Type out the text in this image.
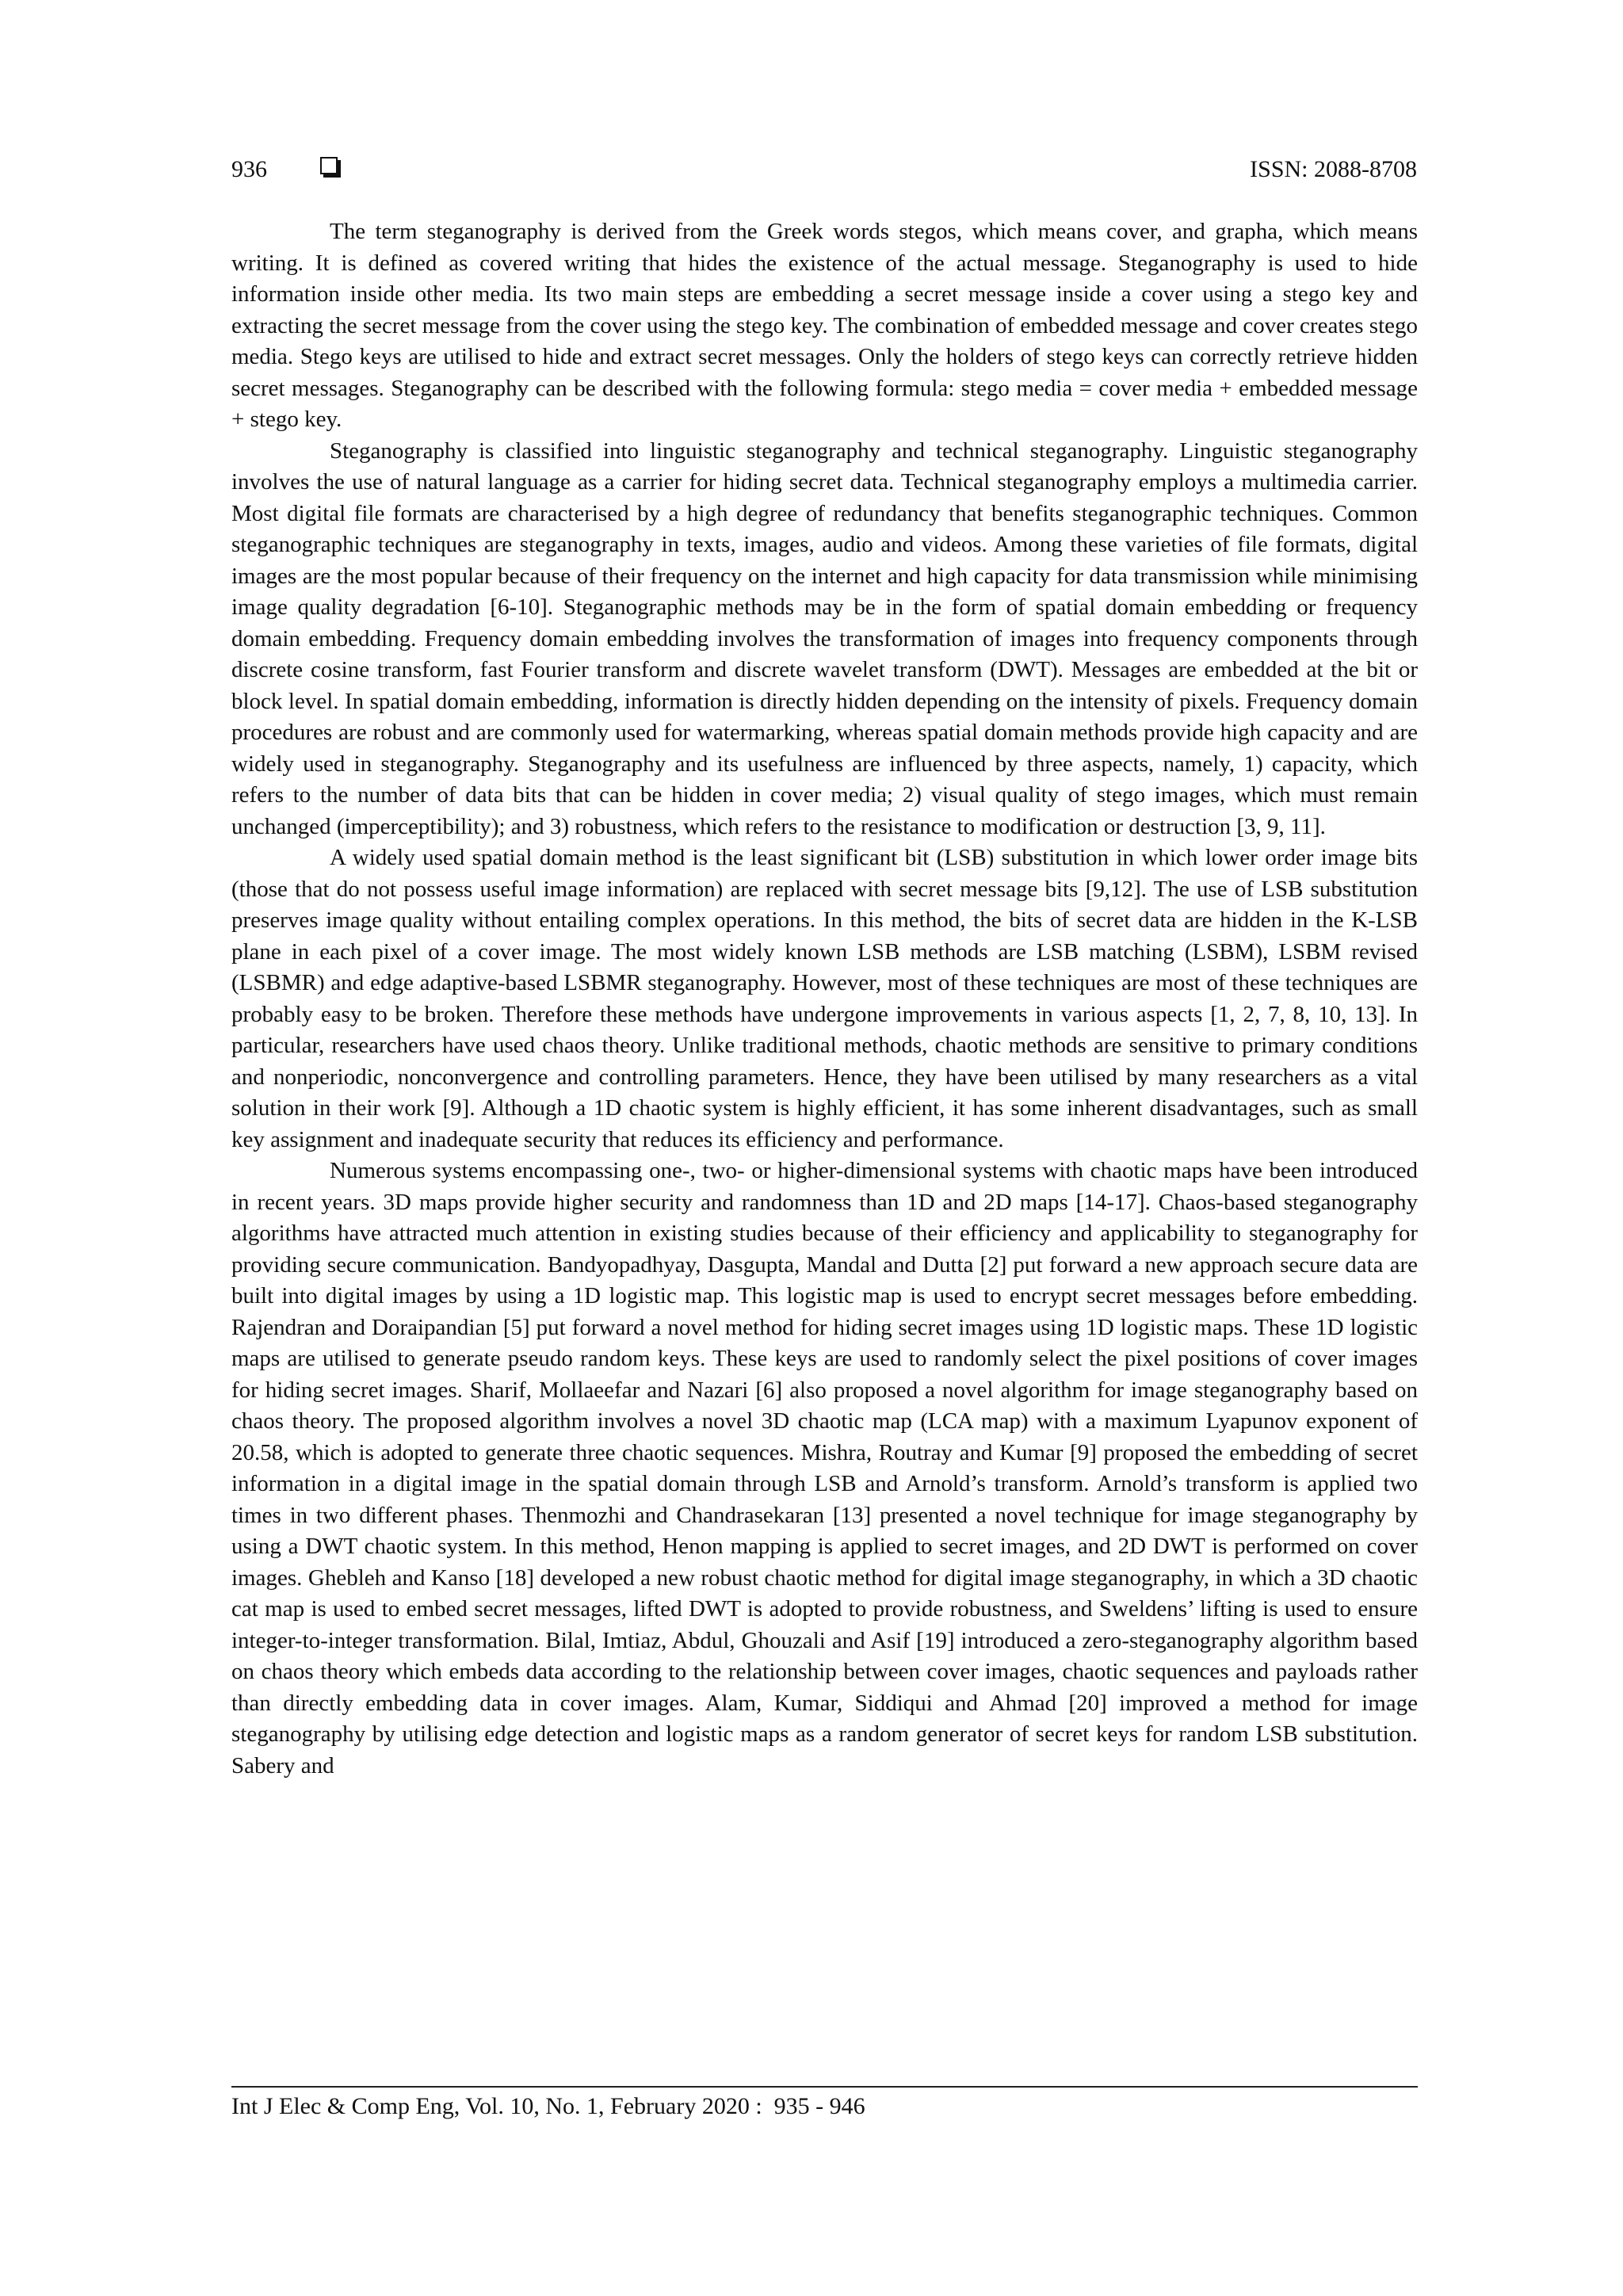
936	ISSN: 2088-8708

The term steganography is derived from the Greek words stegos, which means cover, and grapha, which means writing. It is defined as covered writing that hides the existence of the actual message. Steganography is used to hide information inside other media. Its two main steps are embedding a secret message inside a cover using a stego key and extracting the secret message from the cover using the stego key. The combination of embedded message and cover creates stego media. Stego keys are utilised to hide and extract secret messages. Only the holders of stego keys can correctly retrieve hidden secret messages. Steganography can be described with the following formula: stego media = cover media + embedded message + stego key.

Steganography is classified into linguistic steganography and technical steganography. Linguistic steganography involves the use of natural language as a carrier for hiding secret data. Technical steganography employs a multimedia carrier. Most digital file formats are characterised by a high degree of redundancy that benefits steganographic techniques. Common steganographic techniques are steganography in texts, images, audio and videos. Among these varieties of file formats, digital images are the most popular because of their frequency on the internet and high capacity for data transmission while minimising image quality degradation [6-10]. Steganographic methods may be in the form of spatial domain embedding or frequency domain embedding. Frequency domain embedding involves the transformation of images into frequency components through discrete cosine transform, fast Fourier transform and discrete wavelet transform (DWT). Messages are embedded at the bit or block level. In spatial domain embedding, information is directly hidden depending on the intensity of pixels. Frequency domain procedures are robust and are commonly used for watermarking, whereas spatial domain methods provide high capacity and are widely used in steganography. Steganography and its usefulness are influenced by three aspects, namely, 1) capacity, which refers to the number of data bits that can be hidden in cover media; 2) visual quality of stego images, which must remain unchanged (imperceptibility); and 3) robustness, which refers to the resistance to modification or destruction [3, 9, 11].

A widely used spatial domain method is the least significant bit (LSB) substitution in which lower order image bits (those that do not possess useful image information) are replaced with secret message bits [9,12]. The use of LSB substitution preserves image quality without entailing complex operations. In this method, the bits of secret data are hidden in the K-LSB plane in each pixel of a cover image. The most widely known LSB methods are LSB matching (LSBM), LSBM revised (LSBMR) and edge adaptive-based LSBMR steganography. However, most of these techniques are most of these techniques are probably easy to be broken. Therefore these methods have undergone improvements in various aspects [1, 2, 7, 8, 10, 13]. In particular, researchers have used chaos theory. Unlike traditional methods, chaotic methods are sensitive to primary conditions and nonperiodic, nonconvergence and controlling parameters. Hence, they have been utilised by many researchers as a vital solution in their work [9]. Although a 1D chaotic system is highly efficient, it has some inherent disadvantages, such as small key assignment and inadequate security that reduces its efficiency and performance.

Numerous systems encompassing one-, two- or higher-dimensional systems with chaotic maps have been introduced in recent years. 3D maps provide higher security and randomness than 1D and 2D maps [14-17]. Chaos-based steganography algorithms have attracted much attention in existing studies because of their efficiency and applicability to steganography for providing secure communication. Bandyopadhyay, Dasgupta, Mandal and Dutta [2] put forward a new approach secure data are built into digital images by using a 1D logistic map. This logistic map is used to encrypt secret messages before embedding. Rajendran and Doraipandian [5] put forward a novel method for hiding secret images using 1D logistic maps. These 1D logistic maps are utilised to generate pseudo random keys. These keys are used to randomly select the pixel positions of cover images for hiding secret images. Sharif, Mollaeefar and Nazari [6] also proposed a novel algorithm for image steganography based on chaos theory. The proposed algorithm involves a novel 3D chaotic map (LCA map) with a maximum Lyapunov exponent of 20.58, which is adopted to generate three chaotic sequences. Mishra, Routray and Kumar [9] proposed the embedding of secret information in a digital image in the spatial domain through LSB and Arnold’s transform. Arnold’s transform is applied two times in two different phases. Thenmozhi and Chandrasekaran [13] presented a novel technique for image steganography by using a DWT chaotic system. In this method, Henon mapping is applied to secret images, and 2D DWT is performed on cover images. Ghebleh and Kanso [18] developed a new robust chaotic method for digital image steganography, in which a 3D chaotic cat map is used to embed secret messages, lifted DWT is adopted to provide robustness, and Sweldens’ lifting is used to ensure integer-to-integer transformation. Bilal, Imtiaz, Abdul, Ghouzali and Asif [19] introduced a zero-steganography algorithm based on chaos theory which embeds data according to the relationship between cover images, chaotic sequences and payloads rather than directly embedding data in cover images. Alam, Kumar, Siddiqui and Ahmad [20] improved a method for image steganography by utilising edge detection and logistic maps as a random generator of secret keys for random LSB substitution. Sabery and

Int J Elec & Comp Eng, Vol. 10, No. 1, February 2020 :  935 - 946
